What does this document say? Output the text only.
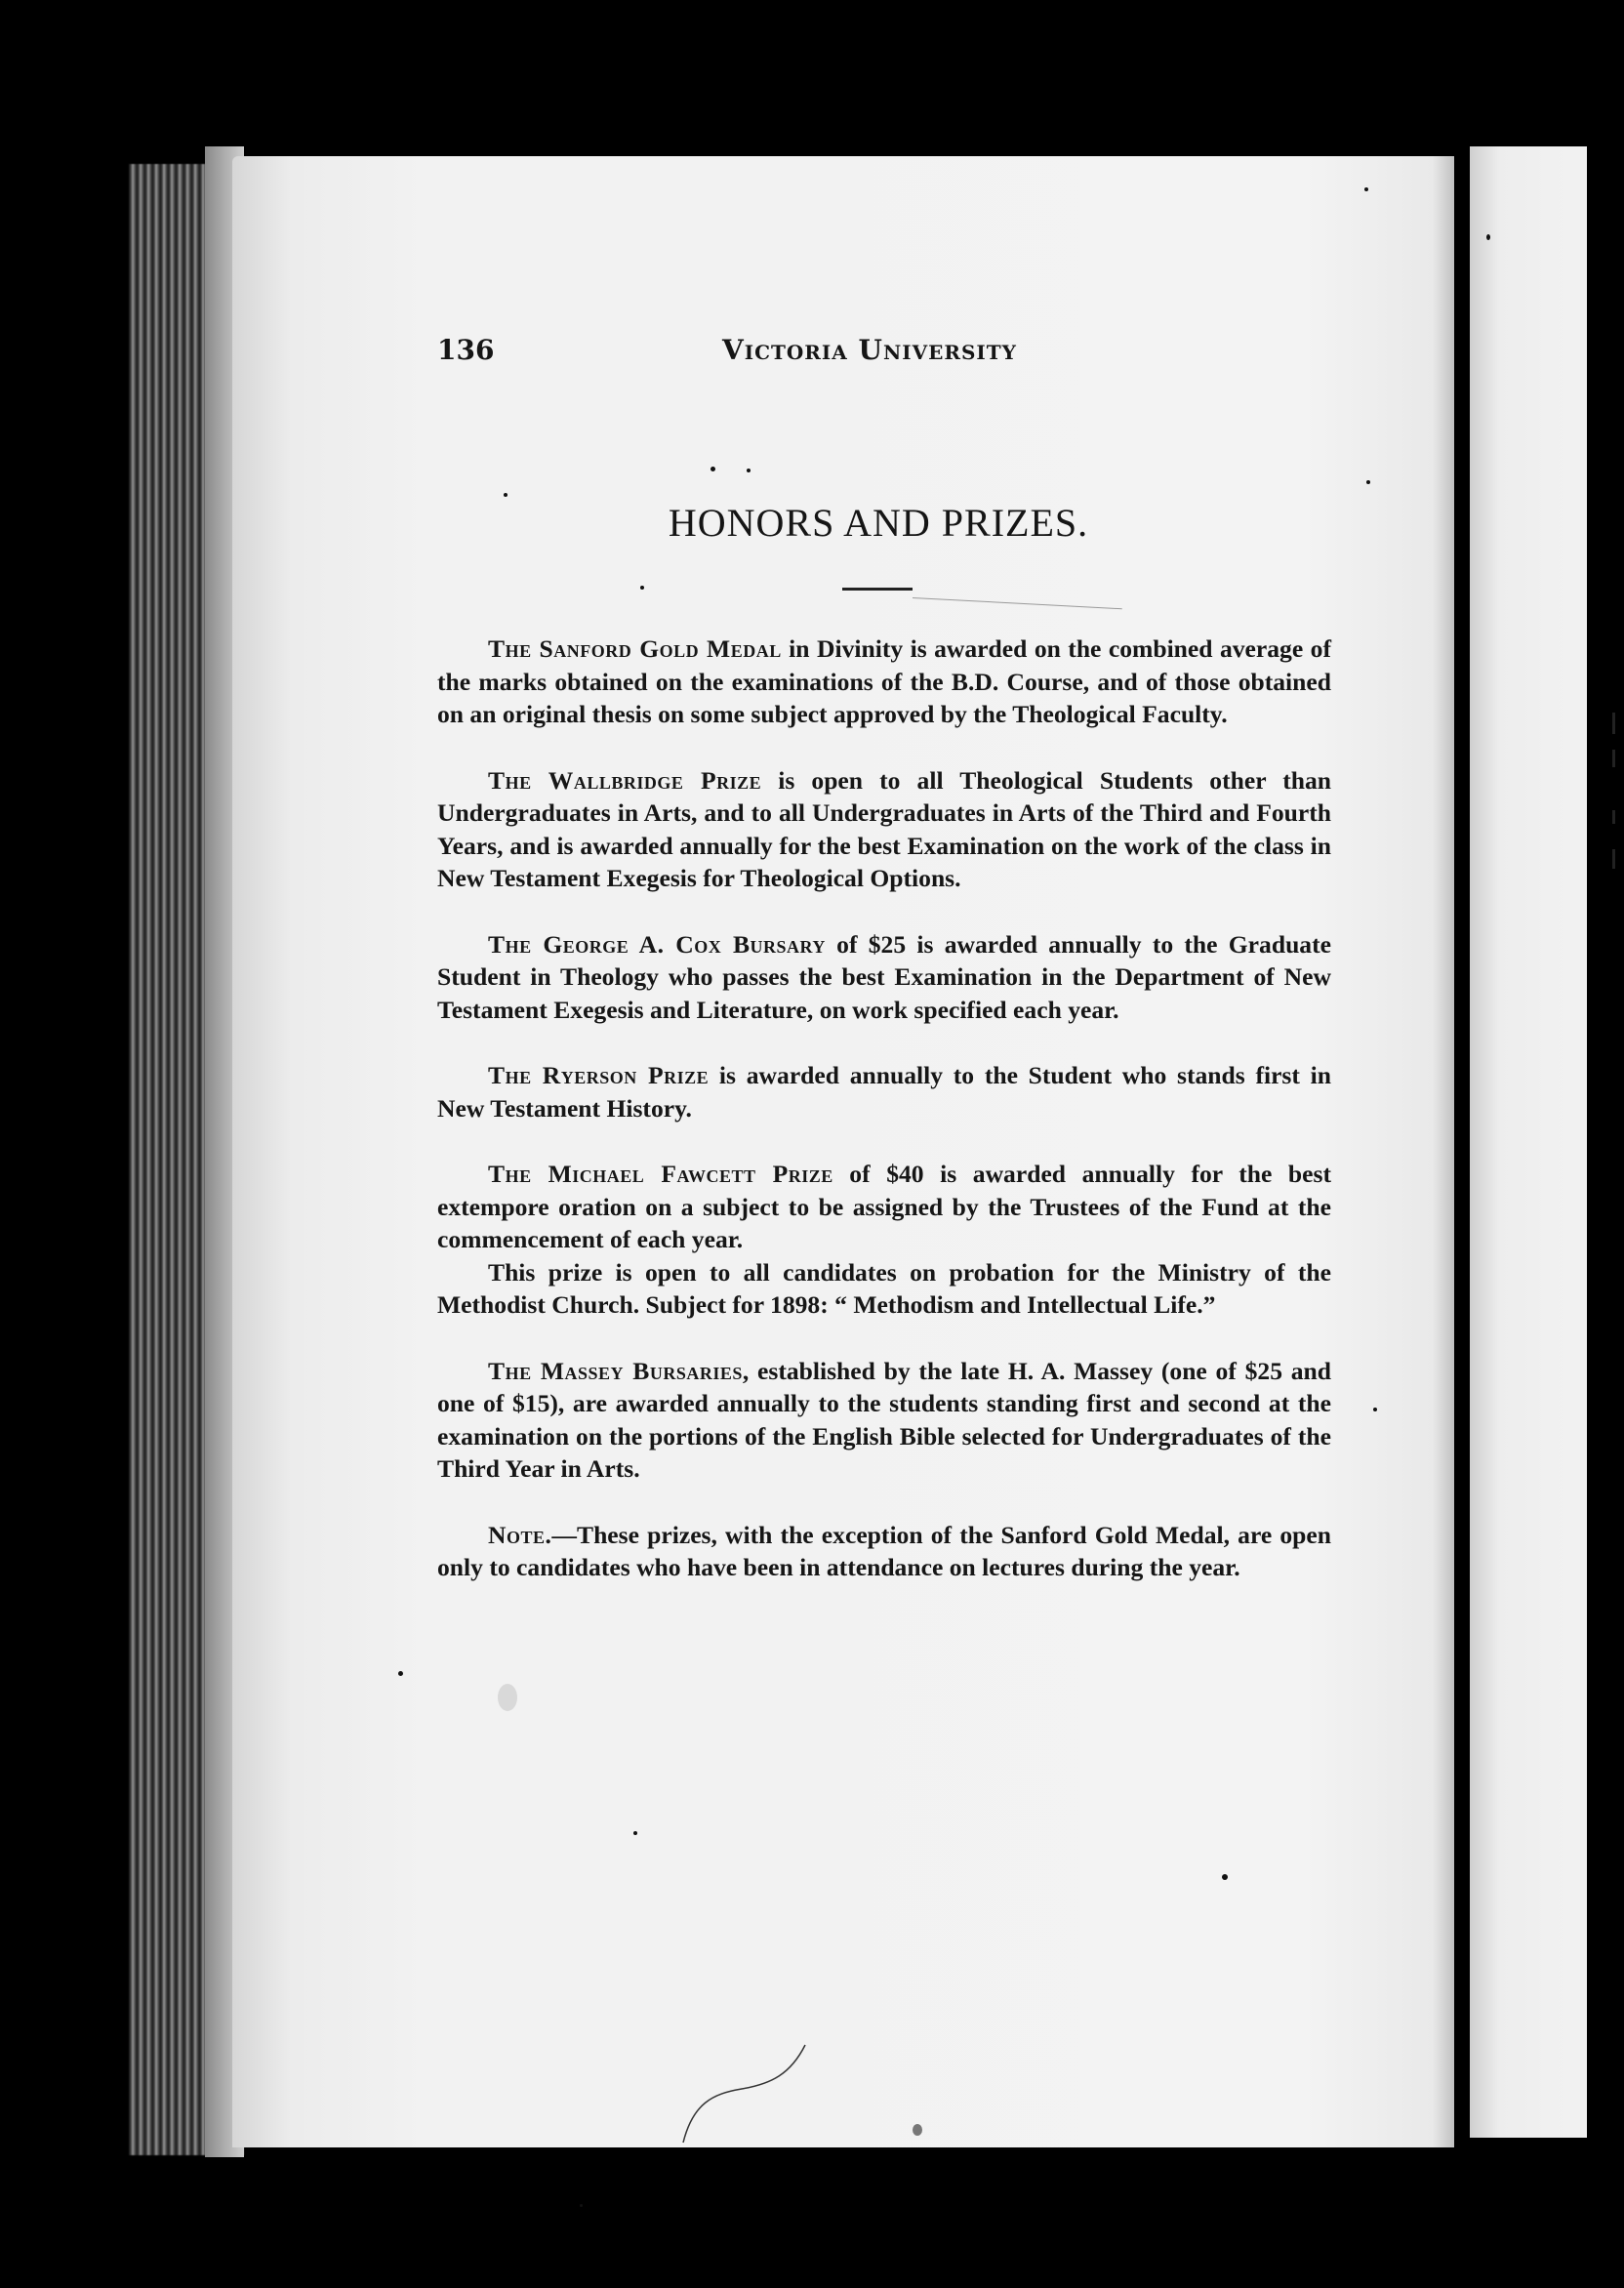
136	Victoria University
HONORS AND PRIZES.

The Sanford Gold Medal in Divinity is awarded on the combined average of the marks obtained on the examinations of the B.D. Course, and of those obtained on an original thesis on some subject approved by the Theological Faculty.

The Wallbridge Prize is open to all Theological Students other than Undergraduates in Arts, and to all Undergraduates in Arts of the Third and Fourth Years, and is awarded annually for the best Examination on the work of the class in New Testament Exegesis for Theological Options.

The George A. Cox Bursary of $25 is awarded annually to the Graduate Student in Theology who passes the best Examination in the Department of New Testament Exegesis and Literature, on work specified each year.

The Ryerson Prize is awarded annually to the Student who stands first in New Testament History.

The Michael Fawcett Prize of $40 is awarded annually for the best extempore oration on a subject to be assigned by the Trustees of the Fund at the commencement of each year.

This prize is open to all candidates on probation for the Ministry of the Methodist Church. Subject for 1898: “ Methodism and Intellectual Life.”

The Massey Bursaries, established by the late H. A. Massey (one of $25 and one of $15), are awarded annually to the students standing first and second at the examination on the portions of the English Bible selected for Undergraduates of the Third Year in Arts.

Note.—These prizes, with the exception of the Sanford Gold Medal, are open only to candidates who have been in attendance on lectures during the year.
